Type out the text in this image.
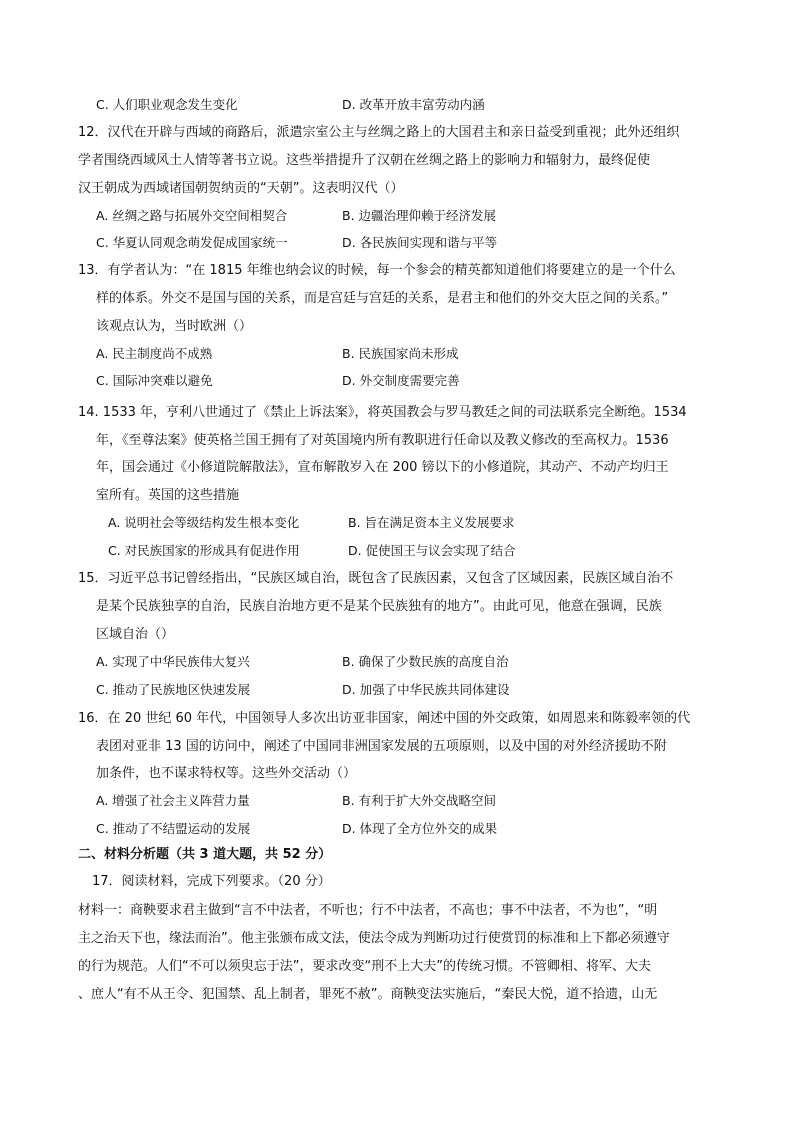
C. 人们职业观念发生变化	D. 改革开放丰富劳动内涵
12．汉代在开辟与西域的商路后，派遣宗室公主与丝绸之路上的大国君主和亲日益受到重视；此外还组织
学者围绕西域风土人情等著书立说。这些举措提升了汉朝在丝绸之路上的影响力和辐射力，最终促使
汉王朝成为西域诸国朝贺纳贡的“天朝”。这表明汉代（）
A. 丝绸之路与拓展外交空间相契合	B. 边疆治理仰赖于经济发展
C. 华夏认同观念萌发促成国家统一	D. 各民族间实现和谐与平等
13．有学者认为：“在 1815 年维也纳会议的时候，每一个参会的精英都知道他们将要建立的是一个什么
样的体系。外交不是国与国的关系，而是宫廷与宫廷的关系，是君主和他们的外交大臣之间的关系。”
该观点认为，当时欧洲（）
A. 民主制度尚不成熟	B. 民族国家尚未形成
C. 国际冲突难以避免	D. 外交制度需要完善
14. 1533 年，亨利八世通过了《禁止上诉法案》，将英国教会与罗马教廷之间的司法联系完全断绝。1534
年，《至尊法案》使英格兰国王拥有了对英国境内所有教职进行任命以及教义修改的至高权力。1536
年，国会通过《小修道院解散法》，宣布解散岁入在 200 镑以下的小修道院，其动产、不动产均归王
室所有。英国的这些措施
A. 说明社会等级结构发生根本变化	B. 旨在满足资本主义发展要求
C. 对民族国家的形成具有促进作用	D. 促使国王与议会实现了结合
15．习近平总书记曾经指出，“民族区域自治，既包含了民族因素，又包含了区域因素，民族区域自治不
是某个民族独享的自治，民族自治地方更不是某个民族独有的地方”。由此可见，他意在强调，民族
区域自治（）
A. 实现了中华民族伟大复兴	B. 确保了少数民族的高度自治
C. 推动了民族地区快速发展	D. 加强了中华民族共同体建设
16．在 20 世纪 60 年代，中国领导人多次出访亚非国家，阐述中国的外交政策，如周恩来和陈毅率领的代
表团对亚非 13 国的访问中，阐述了中国同非洲国家发展的五项原则，以及中国的对外经济援助不附
加条件，也不谋求特权等。这些外交活动（）
A. 增强了社会主义阵营力量	B. 有利于扩大外交战略空间
C. 推动了不结盟运动的发展	D. 体现了全方位外交的成果
二、材料分析题（共 3 道大题，共 52 分）
17．阅读材料，完成下列要求。（20 分）
材料一：商鞅要求君主做到“言不中法者，不听也；行不中法者，不高也；事不中法者，不为也”，“明
主之治天下也，缘法而治”。他主张颁布成文法，使法令成为判断功过行使赏罚的标准和上下都必须遵守
的行为规范。人们“不可以须臾忘于法”，要求改变“刑不上大夫”的传统习惯。不管卿相、将军、大夫
、庶人“有不从王令、犯国禁、乱上制者，罪死不赦”。商鞅变法实施后，“秦民大悦，道不拾遗，山无
